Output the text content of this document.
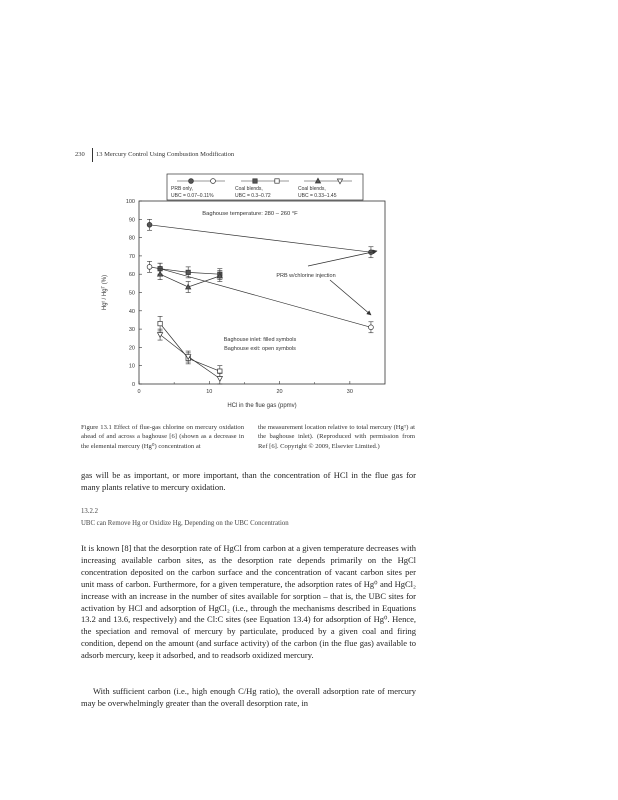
230 13 Mercury Control Using Combustion Modification
0
10
20
30
40
50
60
70
80
90
100
0	10	20	30
HCl in the flue gas (ppmv)
Hgᵗ / Hgᵀ (%)
Baghouse temperature: 280 – 260 °F
PRB w/chlorine injection
Baghouse inlet: filled symbols
Baghouse exit: open symbols
PRB only,
UBC = 0.07–0.11%
Coal blends,
UBC = 0.3–0.72
Coal blends,
UBC = 0.33–1.45
Figure 13.1 Effect of flue-gas chlorine on mercury oxidation ahead of and across a baghouse [6] (shown as a decrease in the elemental mercury (Hg⁰) concentration at
the measurement location relative to total mercury (Hgᵀ) at the baghouse inlet). (Reproduced with permission from Ref [6]. Copyright © 2009, Elsevier Limited.)

gas will be as important, or more important, than the concentration of HCl in the flue gas for many plants relative to mercury oxidation.

13.2.2
UBC can Remove Hg or Oxidize Hg, Depending on the UBC Concentration

It is known [8] that the desorption rate of HgCl from carbon at a given temperature decreases with increasing available carbon sites, as the desorption rate depends primarily on the HgCl concentration deposited on the carbon surface and the concentration of vacant carbon sites per unit mass of carbon. Furthermore, for a given temperature, the adsorption rates of Hg⁰ and HgCl₂ increase with an increase in the number of sites available for sorption – that is, the UBC sites for activation by HCl and adsorption of HgCl₂ (i.e., through the mechanisms described in Equations 13.2 and 13.6, respectively) and the Cl:C sites (see Equation 13.4) for adsorption of Hg⁰. Hence, the speciation and removal of mercury by particulate, produced by a given coal and firing condition, depend on the amount (and surface activity) of the carbon (in the flue gas) available to adsorb mercury, keep it adsorbed, and to readsorb oxidized mercury.

With sufficient carbon (i.e., high enough C/Hg ratio), the overall adsorption rate of mercury may be overwhelmingly greater than the overall desorption rate, in
